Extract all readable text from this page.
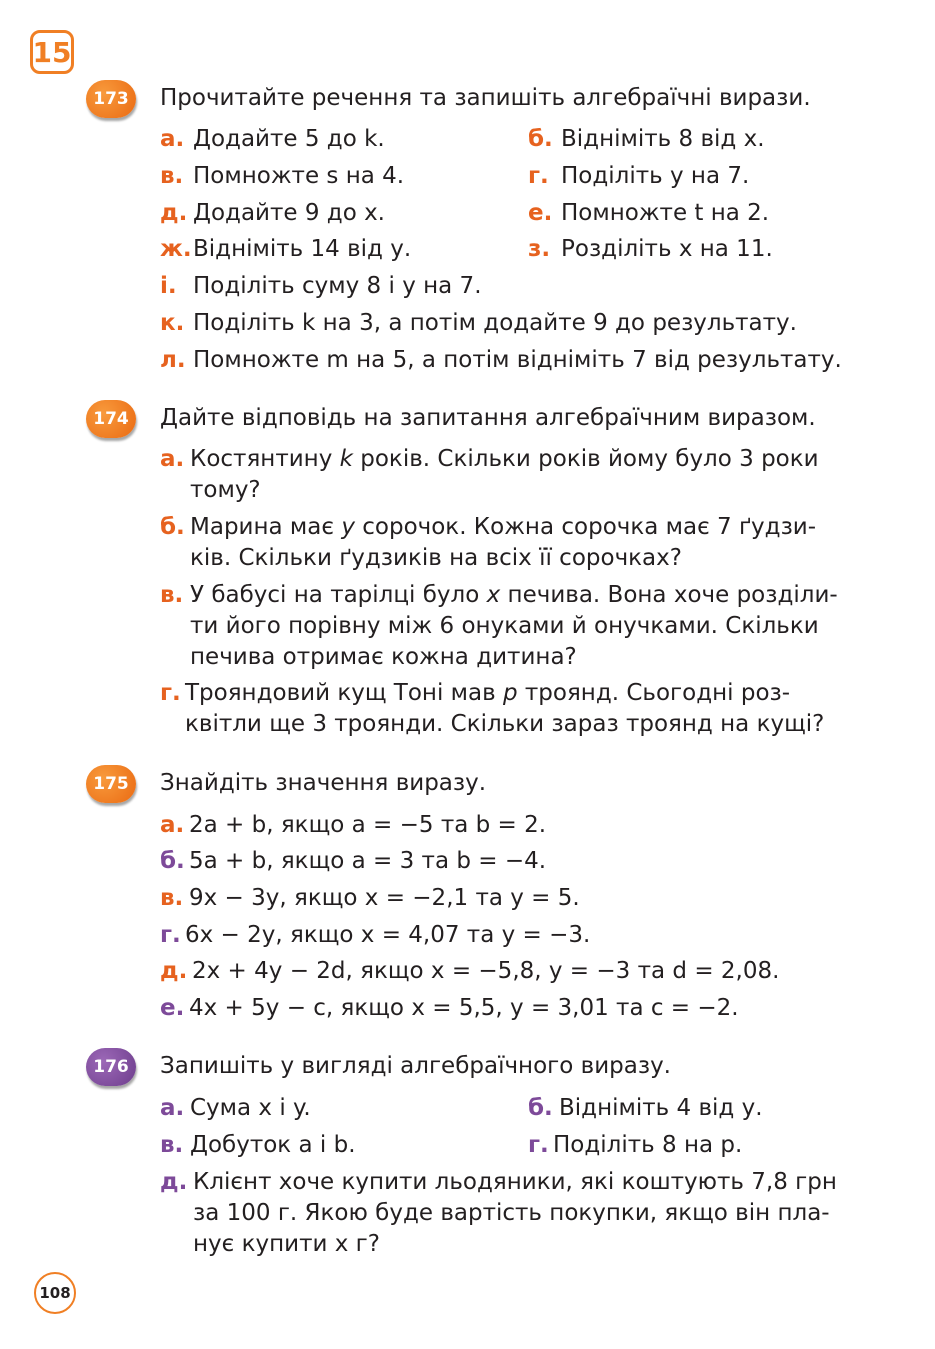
15
173	Прочитайте речення та запишіть алгебраїчні вирази.
а. Додайте 5 до k.	б. Відніміть 8 від x.
в. Помножте s на 4.	г. Поділіть у на 7.
д. Додайте 9 до x.	е. Помножте t на 2.
ж.Відніміть 14 від у.	з. Розділіть x на 11.
і. Поділіть суму 8 і у на 7.
к. Поділіть k на 3, а потім додайте 9 до результату.
л. Помножте m на 5, а потім відніміть 7 від результату.
174	Дайте відповідь на запитання алгебраїчним виразом.
а. Костянтину k років. Скільки років йому було 3 роки
тому?
б. Марина має y сорочок. Кожна сорочка має 7 ґудзи-
ків. Скільки ґудзиків на всіх її сорочках?
в. У бабусі на тарілці було x печива. Вона хоче розділи-
ти його порівну між 6 онуками й онучками. Скільки
печива отримає кожна дитина?
г. Трояндовий кущ Тоні мав p троянд. Сьогодні роз-
квітли ще 3 троянди. Скільки зараз троянд на кущі?
175	Знайдіть значення виразу.
а. 2a + b, якщо a = −5 та b = 2.
б. 5a + b, якщо a = 3 та b = −4.
в. 9x − 3y, якщо x = −2,1 та y = 5.
г. 6x − 2y, якщо x = 4,07 та y = −3.
д. 2x + 4y − 2d, якщо x = −5,8, y = −3 та d = 2,08.
е. 4x + 5y − c, якщо x = 5,5, y = 3,01 та c = −2.
176	Запишіть у вигляді алгебраїчного виразу.
а. Сума x і y.	б. Відніміть 4 від у.
в. Добуток a і b.	г. Поділіть 8 на р.
д. Клієнт хоче купити льодяники, які коштують 7,8 грн
за 100 г. Якою буде вартість покупки, якщо він пла-
нує купити x г?
108
